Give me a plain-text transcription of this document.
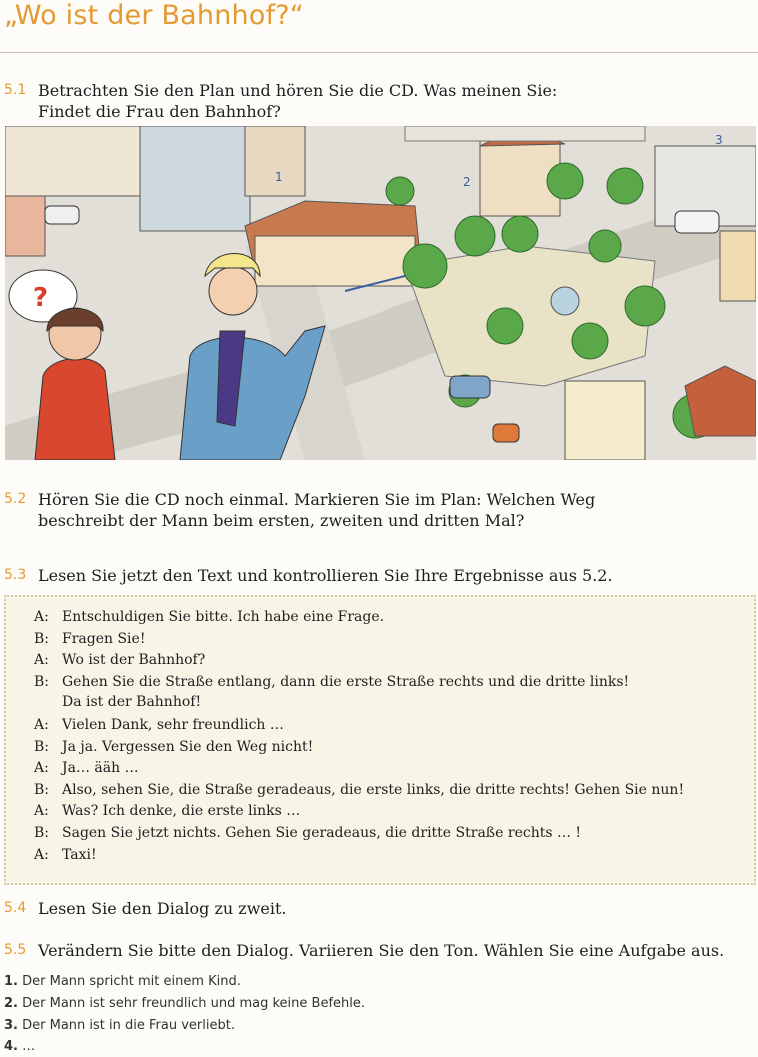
„Wo ist der Bahnhof?“
5.1 Betrachten Sie den Plan und hören Sie die CD. Was meinen Sie:
Findet die Frau den Bahnhof?
1	2
3
?
5.2 Hören Sie die CD noch einmal. Markieren Sie im Plan: Welchen Weg
beschreibt der Mann beim ersten, zweiten und dritten Mal?
5.3 Lesen Sie jetzt den Text und kontrollieren Sie Ihre Ergebnisse aus 5.2.
A: Entschuldigen Sie bitte. Ich habe eine Frage.
B: Fragen Sie!
A: Wo ist der Bahnhof?
B: Gehen Sie die Straße entlang, dann die erste Straße rechts und die dritte links!
Da ist der Bahnhof!
A: Vielen Dank, sehr freundlich …
B: Ja ja. Vergessen Sie den Weg nicht!
A: Ja… ääh …
B: Also, sehen Sie, die Straße geradeaus, die erste links, die dritte rechts! Gehen Sie nun!
A: Was? Ich denke, die erste links …
B: Sagen Sie jetzt nichts. Gehen Sie geradeaus, die dritte Straße rechts … !
A: Taxi!
5.4 Lesen Sie den Dialog zu zweit.
5.5 Verändern Sie bitte den Dialog. Variieren Sie den Ton. Wählen Sie eine Aufgabe aus.
1. Der Mann spricht mit einem Kind.
2. Der Mann ist sehr freundlich und mag keine Befehle.
3. Der Mann ist in die Frau verliebt.
4. …
